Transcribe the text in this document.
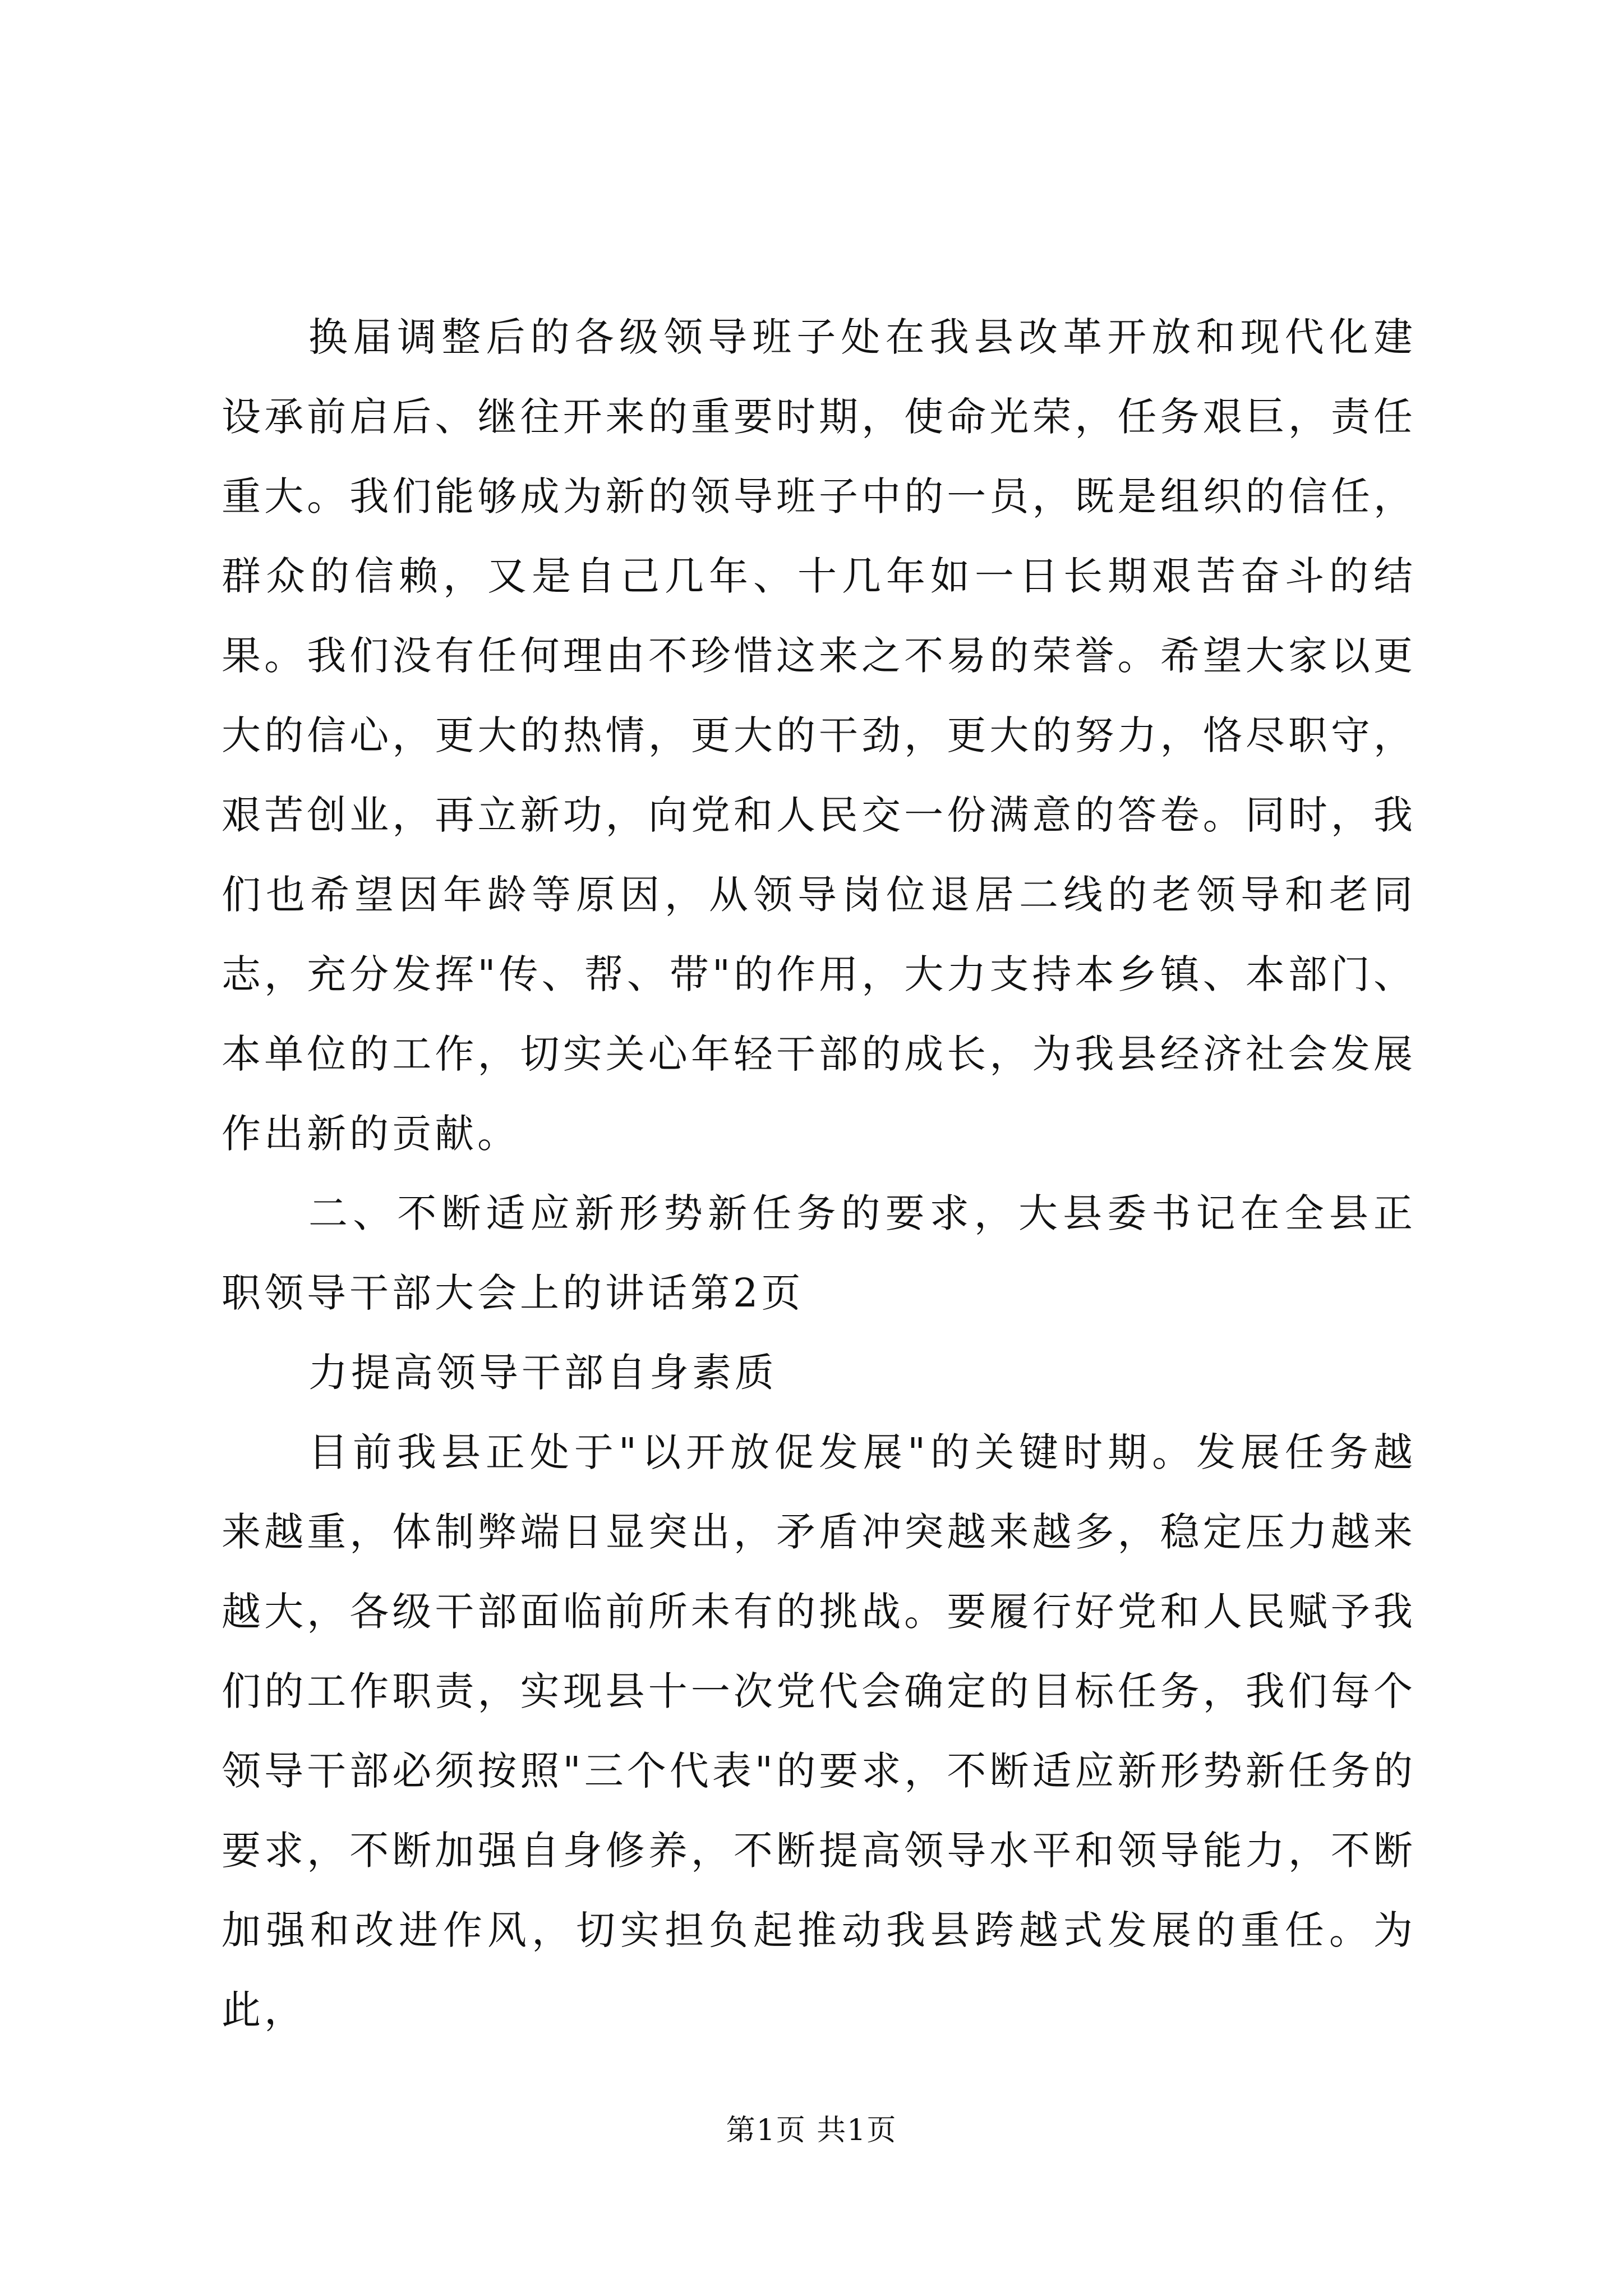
换届调整后的各级领导班子处在我县改革开放和现代化建设承前启后、继往开来的重要时期，使命光荣，任务艰巨，责任重大。我们能够成为新的领导班子中的一员，既是组织的信任，群众的信赖，又是自己几年、十几年如一日长期艰苦奋斗的结果。我们没有任何理由不珍惜这来之不易的荣誉。希望大家以更大的信心，更大的热情，更大的干劲，更大的努力，恪尽职守，艰苦创业，再立新功，向党和人民交一份满意的答卷。同时，我们也希望因年龄等原因，从领导岗位退居二线的老领导和老同志，充分发挥"传、帮、带"的作用，大力支持本乡镇、本部门、本单位的工作，切实关心年轻干部的成长，为我县经济社会发展作出新的贡献。

二、不断适应新形势新任务的要求，大县委书记在全县正职领导干部大会上的讲话第2页

力提高领导干部自身素质

目前我县正处于"以开放促发展"的关键时期。发展任务越来越重，体制弊端日显突出，矛盾冲突越来越多，稳定压力越来越大，各级干部面临前所未有的挑战。要履行好党和人民赋予我们的工作职责，实现县十一次党代会确定的目标任务，我们每个领导干部必须按照"三个代表"的要求，不断适应新形势新任务的要求，不断加强自身修养，不断提高领导水平和领导能力，不断加强和改进作风，切实担负起推动我县跨越式发展的重任。为此，

第1页 共1页
